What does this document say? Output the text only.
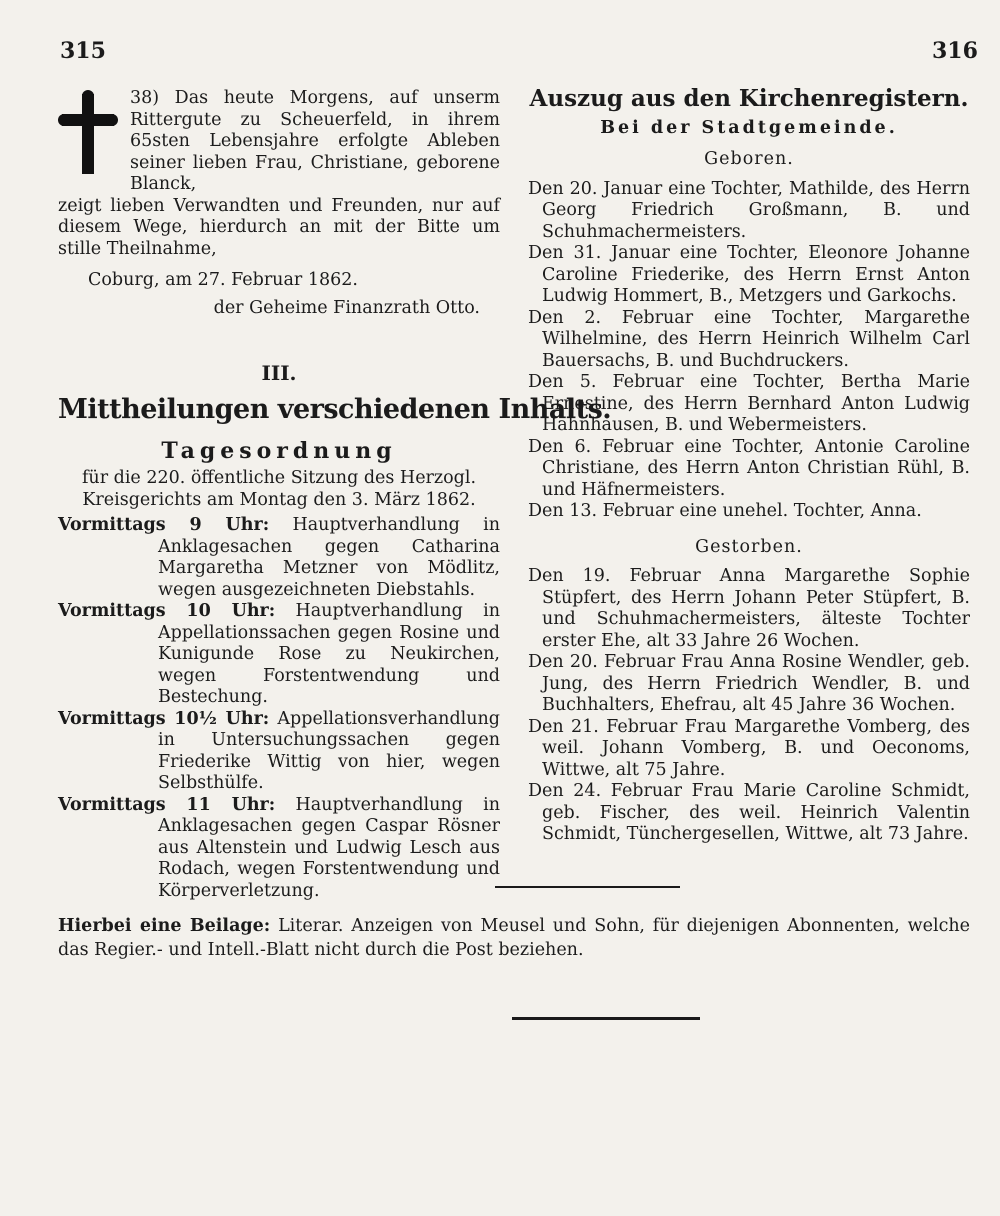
315	316

38) Das heute Morgens, auf unserm Rittergute zu Scheuerfeld, in ihrem 65sten Lebensjahre erfolgte Ableben seiner lieben Frau, Christiane, geborene Blanck,

zeigt lieben Verwandten und Freunden, nur auf diesem Wege, hierdurch an mit der Bitte um stille Theilnahme,

Coburg, am 27. Februar 1862.
der Geheime Finanzrath Otto.
III.
Mittheilungen verschiedenen Inhalts.
Tagesordnung
für die 220. öffentliche Sitzung des Herzogl. Kreisgerichts am Montag den 3. März 1862.

Vormittags 9 Uhr: Hauptverhandlung in Anklagesachen gegen Catharina Margaretha Metzner von Mödlitz, wegen ausgezeichneten Diebstahls.

Vormittags 10 Uhr: Hauptverhandlung in Appellationssachen gegen Rosine und Kunigunde Rose zu Neukirchen, wegen Forstentwendung und Bestechung.

Vormittags 10½ Uhr: Appellationsverhandlung in Untersuchungssachen gegen Friederike Wittig von hier, wegen Selbsthülfe.

Vormittags 11 Uhr: Hauptverhandlung in Anklagesachen gegen Caspar Rösner aus Altenstein und Ludwig Lesch aus Rodach, wegen Forstentwendung und Körperverletzung.

Auszug aus den Kirchenregistern.
Bei der Stadtgemeinde.
Geboren.

Den 20. Januar eine Tochter, Mathilde, des Herrn Georg Friedrich Großmann, B. und Schuhmachermeisters.

Den 31. Januar eine Tochter, Eleonore Johanne Caroline Friederike, des Herrn Ernst Anton Ludwig Hommert, B., Metzgers und Garkochs.

Den 2. Februar eine Tochter, Margarethe Wilhelmine, des Herrn Heinrich Wilhelm Carl Bauersachs, B. und Buchdruckers.

Den 5. Februar eine Tochter, Bertha Marie Ernestine, des Herrn Bernhard Anton Ludwig Hahnhausen, B. und Webermeisters.

Den 6. Februar eine Tochter, Antonie Caroline Christiane, des Herrn Anton Christian Rühl, B. und Häfnermeisters.

Den 13. Februar eine unehel. Tochter, Anna.

Gestorben.

Den 19. Februar Anna Margarethe Sophie Stüpfert, des Herrn Johann Peter Stüpfert, B. und Schuhmachermeisters, älteste Tochter erster Ehe, alt 33 Jahre 26 Wochen.

Den 20. Februar Frau Anna Rosine Wendler, geb. Jung, des Herrn Friedrich Wendler, B. und Buchhalters, Ehefrau, alt 45 Jahre 36 Wochen.

Den 21. Februar Frau Margarethe Vomberg, des weil. Johann Vomberg, B. und Oeconoms, Wittwe, alt 75 Jahre.

Den 24. Februar Frau Marie Caroline Schmidt, geb. Fischer, des weil. Heinrich Valentin Schmidt, Tünchergesellen, Wittwe, alt 73 Jahre.

Hierbei eine Beilage: Literar. Anzeigen von Meusel und Sohn, für diejenigen Abonnenten, welche das Regier.- und Intell.-Blatt nicht durch die Post beziehen.
